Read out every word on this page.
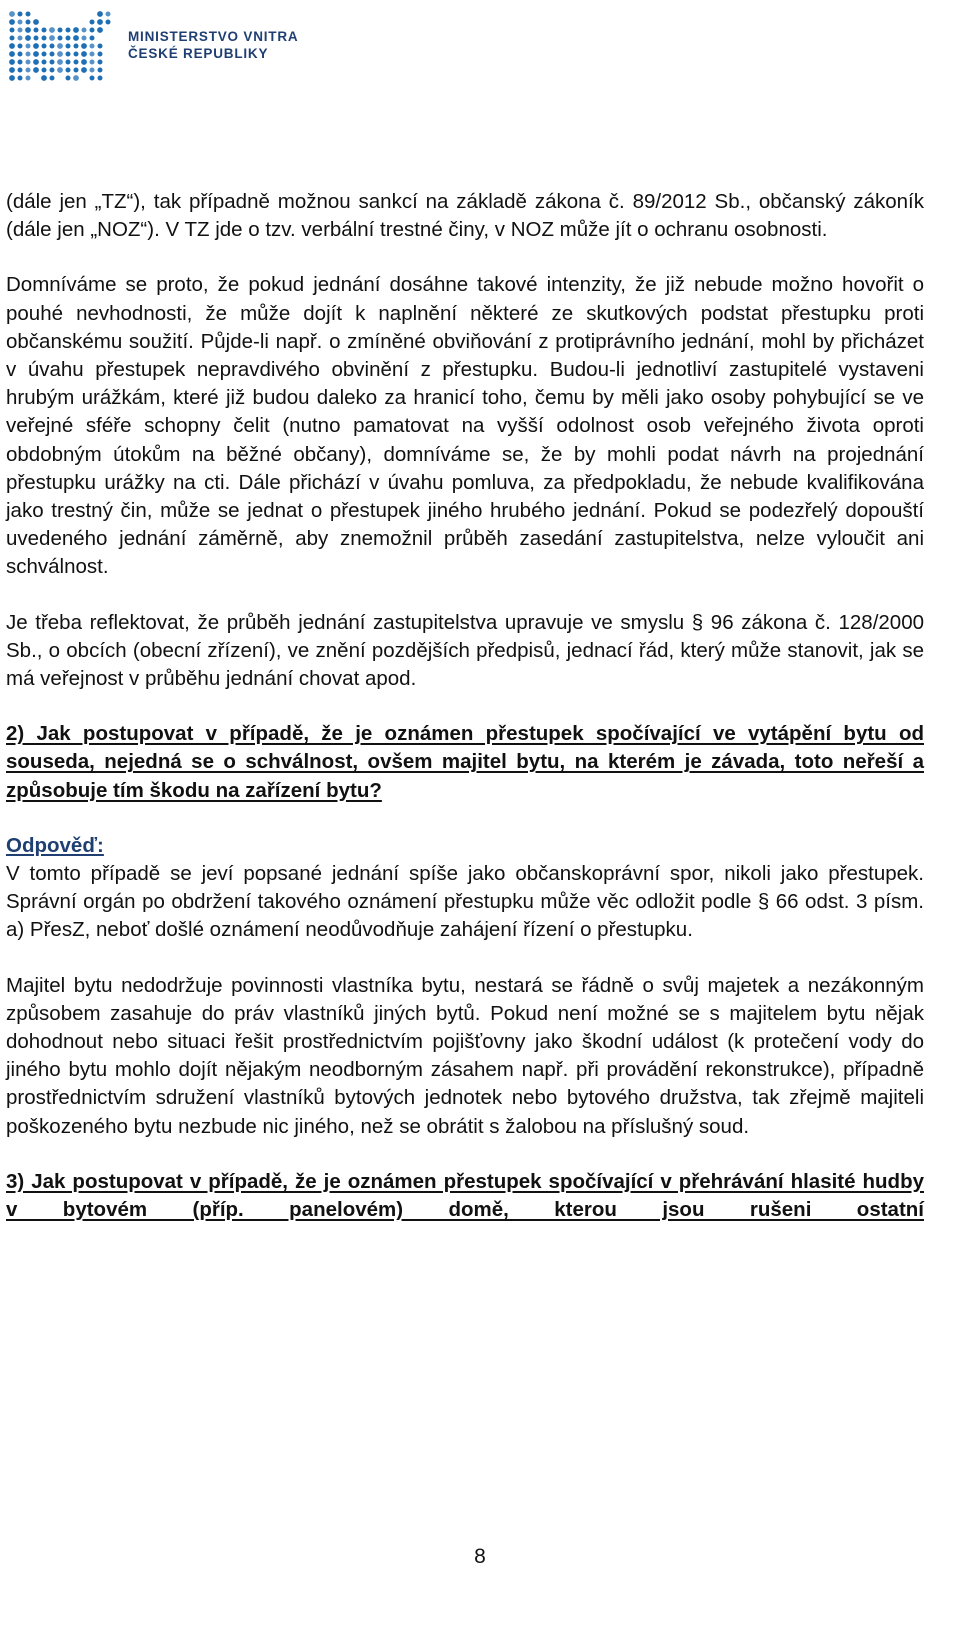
MINISTERSTVO VNITRA
ČESKÉ REPUBLIKY

(dále jen „TZ“), tak případně možnou sankcí na základě zákona č. 89/2012 Sb., občanský zákoník (dále jen „NOZ“). V TZ jde o tzv. verbální trestné činy, v NOZ může jít o ochranu osobnosti.

Domníváme se proto, že pokud jednání dosáhne takové intenzity, že již nebude možno hovořit o pouhé nevhodnosti, že může dojít k naplnění některé ze skutkových podstat přestupku proti občanskému soužití. Půjde-li např. o zmíněné obviňování z protiprávního jednání, mohl by přicházet v úvahu přestupek nepravdivého obvinění z přestupku. Budou-li jednotliví zastupitelé vystaveni hrubým urážkám, které již budou daleko za hranicí toho, čemu by měli jako osoby pohybující se ve veřejné sféře schopny čelit (nutno pamatovat na vyšší odolnost osob veřejného života oproti obdobným útokům na běžné občany), domníváme se, že by mohli podat návrh na projednání přestupku urážky na cti. Dále přichází v úvahu pomluva, za předpokladu, že nebude kvalifikována jako trestný čin, může se jednat o přestupek jiného hrubého jednání. Pokud se podezřelý dopouští uvedeného jednání záměrně, aby znemožnil průběh zasedání zastupitelstva, nelze vyloučit ani schválnost.

Je třeba reflektovat, že průběh jednání zastupitelstva upravuje ve smyslu § 96 zákona č. 128/2000 Sb., o obcích (obecní zřízení), ve znění pozdějších předpisů, jednací řád, který může stanovit, jak se má veřejnost v průběhu jednání chovat apod.

2) Jak postupovat v případě, že je oznámen přestupek spočívající ve vytápění bytu od souseda, nejedná se o schválnost, ovšem majitel bytu, na kterém je závada, toto neřeší a způsobuje tím škodu na zařízení bytu?

Odpověď:

V tomto případě se jeví popsané jednání spíše jako občanskoprávní spor, nikoli jako přestupek. Správní orgán po obdržení takového oznámení přestupku může věc odložit podle § 66 odst. 3 písm. a) PřesZ, neboť došlé oznámení neodůvodňuje zahájení řízení o přestupku.

Majitel bytu nedodržuje povinnosti vlastníka bytu, nestará se řádně o svůj majetek a nezákonným způsobem zasahuje do práv vlastníků jiných bytů. Pokud není možné se s majitelem bytu nějak dohodnout nebo situaci řešit prostřednictvím pojišťovny jako škodní událost (k protečení vody do jiného bytu mohlo dojít nějakým neodborným zásahem např. při provádění rekonstrukce), případně prostřednictvím sdružení vlastníků bytových jednotek nebo bytového družstva, tak zřejmě majiteli poškozeného bytu nezbude nic jiného, než se obrátit s žalobou na příslušný soud.

3) Jak postupovat v případě, že je oznámen přestupek spočívající v přehrávání hlasité hudby v bytovém (příp. panelovém) domě, kterou jsou rušeni ostatní

8
